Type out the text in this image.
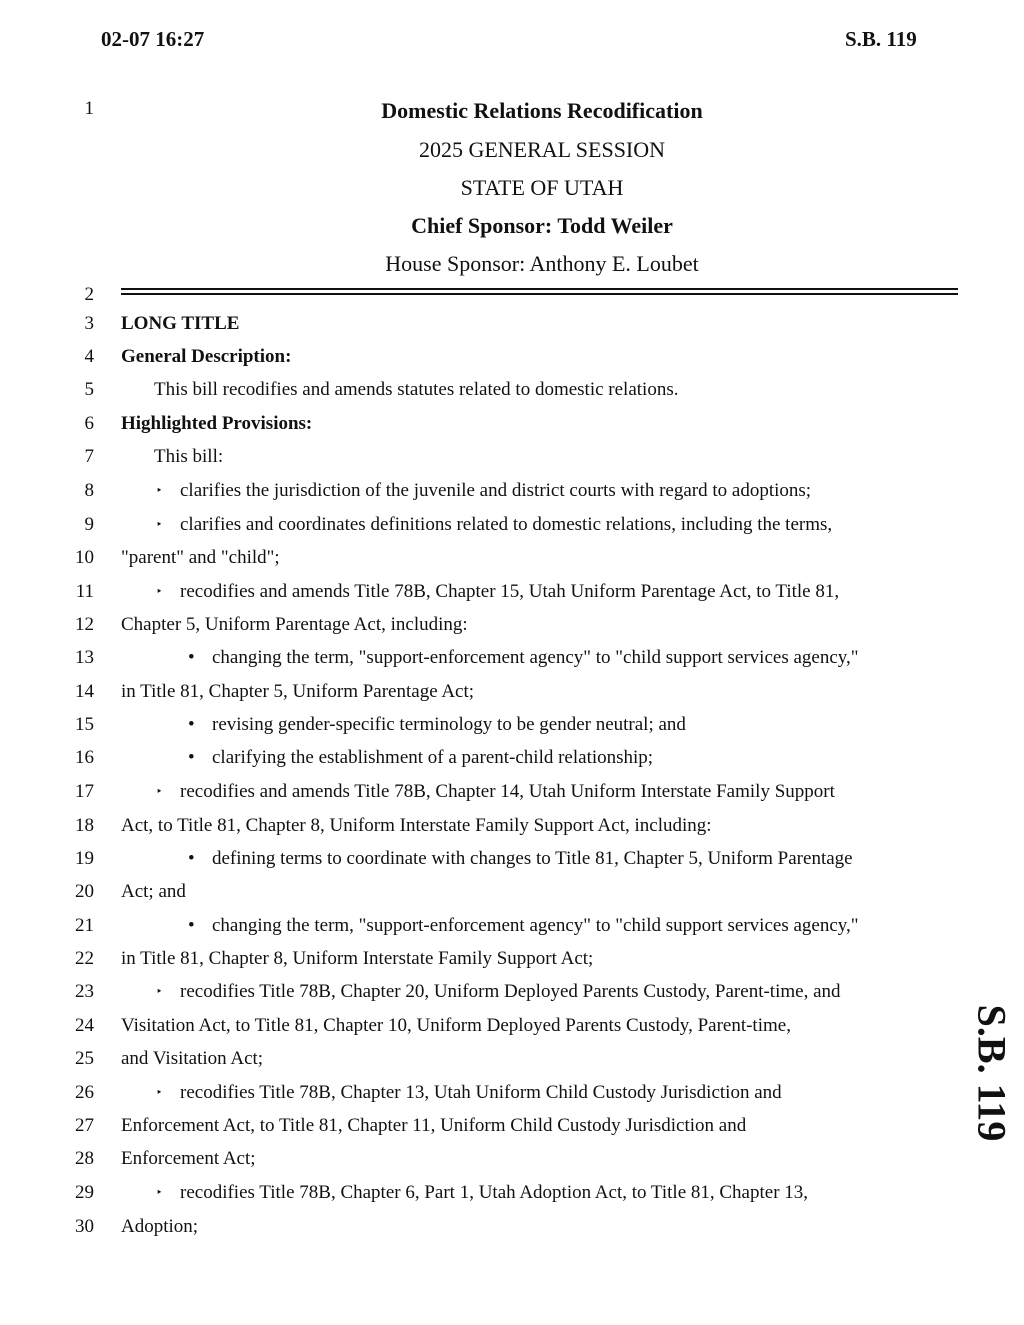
02-07 16:27	S.B. 119
1
2
3
4
5
6
7
8
9
10
11
12
13
14
15
16
17
18
19
20
21
22
23
24
25
26
27
28
29
30
Domestic Relations Recodification
2025 GENERAL SESSION
STATE OF UTAH
Chief Sponsor: Todd Weiler
House Sponsor: Anthony E. Loubet
LONG TITLE
General Description:
This bill recodifies and amends statutes related to domestic relations.
Highlighted Provisions:
This bill:
‣ clarifies the jurisdiction of the juvenile and district courts with regard to adoptions;
‣ clarifies and coordinates definitions related to domestic relations, including the terms,
"parent" and "child";
‣ recodifies and amends Title 78B, Chapter 15, Utah Uniform Parentage Act, to Title 81,
Chapter 5, Uniform Parentage Act, including:
• changing the term, "support-enforcement agency" to "child support services agency,"
in Title 81, Chapter 5, Uniform Parentage Act;
• revising gender-specific terminology to be gender neutral; and
• clarifying the establishment of a parent-child relationship;
‣ recodifies and amends Title 78B, Chapter 14, Utah Uniform Interstate Family Support
Act, to Title 81, Chapter 8, Uniform Interstate Family Support Act, including:
• defining terms to coordinate with changes to Title 81, Chapter 5, Uniform Parentage
Act; and
• changing the term, "support-enforcement agency" to "child support services agency,"
in Title 81, Chapter 8, Uniform Interstate Family Support Act;
‣ recodifies Title 78B, Chapter 20, Uniform Deployed Parents Custody, Parent-time, and
Visitation Act, to Title 81, Chapter 10, Uniform Deployed Parents Custody, Parent-time,
and Visitation Act;
‣ recodifies Title 78B, Chapter 13, Utah Uniform Child Custody Jurisdiction and
Enforcement Act, to Title 81, Chapter 11, Uniform Child Custody Jurisdiction and
Enforcement Act;
‣ recodifies Title 78B, Chapter 6, Part 1, Utah Adoption Act, to Title 81, Chapter 13,
Adoption;
S.B. 119
